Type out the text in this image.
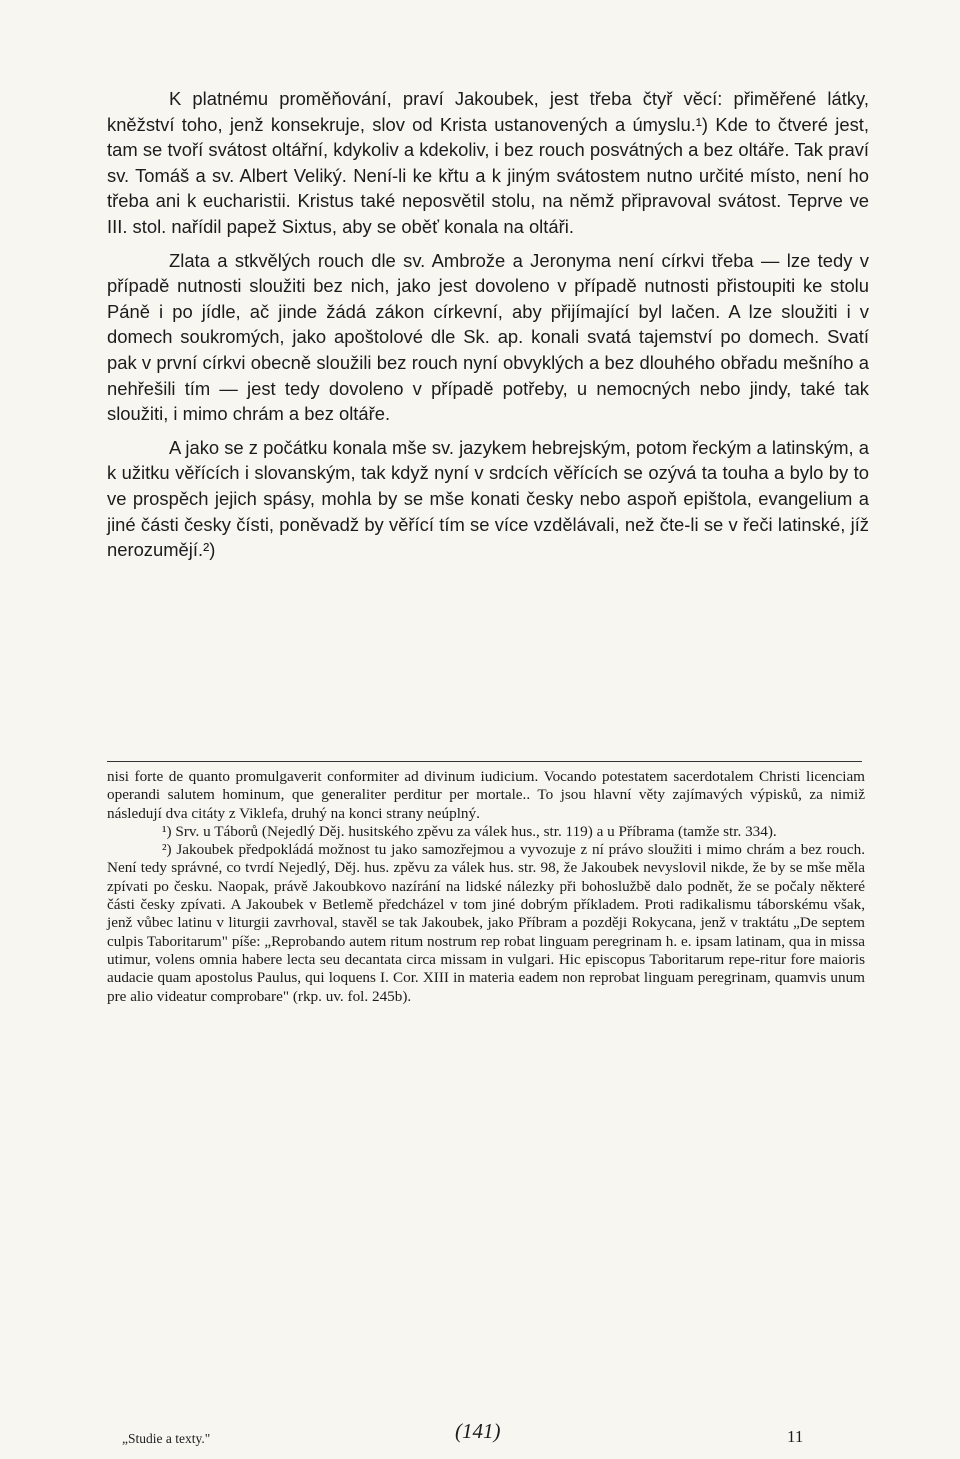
K platnému proměňování, praví Jakoubek, jest třeba čtyř věcí: přiměřené látky, kněžství toho, jenž konsekruje, slov od Krista ustanovených a úmyslu.¹) Kde to čtveré jest, tam se tvoří svátost oltářní, kdykoliv a kdekoliv, i bez rouch posvátných a bez oltáře. Tak praví sv. Tomáš a sv. Albert Veliký. Není-li ke křtu a k jiným svátostem nutno určité místo, není ho třeba ani k eucharistii. Kristus také neposvětil stolu, na němž připravoval svátost. Teprve ve III. stol. nařídil papež Sixtus, aby se oběť konala na oltáři.

Zlata a stkvělých rouch dle sv. Ambrože a Jeronyma není církvi třeba — lze tedy v případě nutnosti sloužiti bez nich, jako jest dovoleno v případě nutnosti přistoupiti ke stolu Páně i po jídle, ač jinde žádá zákon církevní, aby přijímající byl lačen. A lze sloužiti i v domech soukromých, jako apoštolové dle Sk. ap. konali svatá tajemství po domech. Svatí pak v první církvi obecně sloužili bez rouch nyní obvyklých a bez dlouhého obřadu mešního a nehřešili tím — jest tedy dovoleno v případě potřeby, u nemocných nebo jindy, také tak sloužiti, i mimo chrám a bez oltáře.

A jako se z počátku konala mše sv. jazykem hebrejským, potom řeckým a latinským, a k užitku věřících i slovanským, tak když nyní v srdcích věřících se ozývá ta touha a bylo by to ve prospěch jejich spásy, mohla by se mše konati česky nebo aspoň epištola, evangelium a jiné části česky čísti, poněvadž by věřící tím se více vzdělávali, než čte-li se v řeči latinské, jíž nerozumějí.²)

nisi forte de quanto promulgaverit conformiter ad divinum iudicium. Vocando potestatem sacerdotalem Christi licenciam operandi salutem hominum, que generaliter perditur per mortale.. To jsou hlavní věty zajímavých výpisků, za nimiž následují dva citáty z Viklefa, druhý na konci strany neúplný.

¹) Srv. u Táborů (Nejedlý Děj. husitského zpěvu za válek hus., str. 119) a u Příbrama (tamže str. 334).

²) Jakoubek předpokládá možnost tu jako samozřejmou a vyvozuje z ní právo sloužiti i mimo chrám a bez rouch. Není tedy správné, co tvrdí Nejedlý, Děj. hus. zpěvu za válek hus. str. 98, že Jakoubek nevyslovil nikde, že by se mše měla zpívati po česku. Naopak, právě Jakoubkovo nazírání na lidské nálezky při bohoslužbě dalo podnět, že se počaly některé části česky zpívati. A Jakoubek v Betlemě předcházel v tom jiné dobrým příkladem. Proti radikalismu táborskému však, jenž vůbec latinu v liturgii zavrhoval, stavěl se tak Jakoubek, jako Příbram a později Rokycana, jenž v traktátu „De septem culpis Taboritarum" píše: „Reprobando autem ritum nostrum rep robat linguam peregrinam h. e. ipsam latinam, qua in missa utimur, volens omnia habere lecta seu decantata circa missam in vulgari. Hic episcopus Taboritarum repe-ritur fore maioris audacie quam apostolus Paulus, qui loquens I. Cor. XIII in materia eadem non reprobat linguam peregrinam, quamvis unum pre alio videatur comprobare" (rkp. uv. fol. 245b).

„Studie a texty."	(141)	11
